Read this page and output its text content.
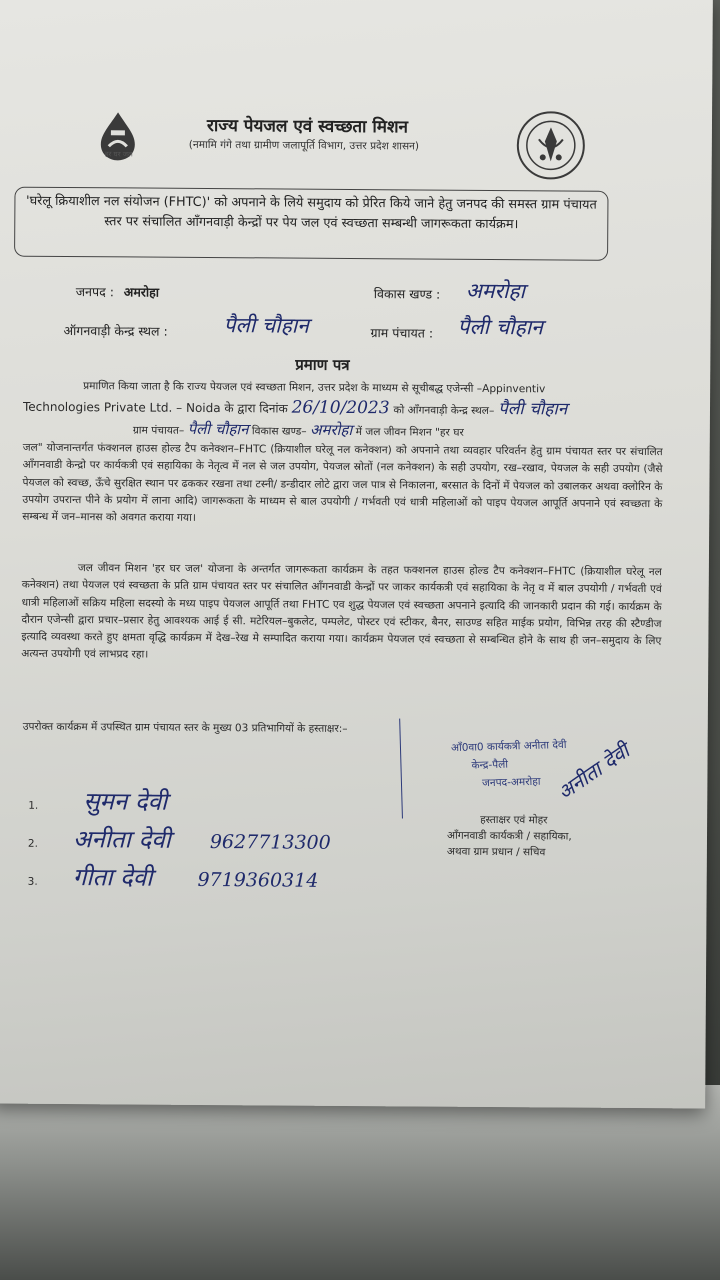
हर घर जल
राज्य पेयजल एवं स्वच्छता मिशन
(नमामि गंगे तथा ग्रामीण जलापूर्ति विभाग, उत्तर प्रदेश शासन)
'घरेलू क्रियाशील नल संयोजन (FHTC)' को अपनाने के लिये समुदाय को प्रेरित किये जाने हेतु जनपद की समस्त ग्राम पंचायत स्तर पर संचालित आँगनवाड़ी केन्द्रों पर पेय जल एवं स्वच्छता सम्बन्धी जागरूकता कार्यक्रम।
जनपद : अमरोहा	विकास खण्ड : अमरोहा
ऑगनवाड़ी केन्द्र स्थल :	पैली चौहान	ग्राम पंचायत : पैली चौहान
प्रमाण पत्र
प्रमाणित किया जाता है कि राज्य पेयजल एवं स्वच्छता मिशन, उत्तर प्रदेश के माध्यम से सूचीबद्ध एजेन्सी –Appinventiv
Technologies Private Ltd. – Noida के द्वारा दिनांक 26/10/2023 को आँगनवाड़ी केन्द्र स्थल– पैली चौहान
ग्राम पंचायत– पैली चौहान विकास खण्ड– अमरोहा में जल जीवन मिशन "हर घर
जल" योजनान्तर्गत फंक्शनल हाउस होल्ड टैप कनेक्शन–FHTC (क्रियाशील घरेलू नल कनेक्शन) को अपनाने तथा व्यवहार परिवर्तन हेतु ग्राम पंचायत स्तर पर संचालित आँगनवाडी केन्द्रो पर कार्यकत्री एवं सहायिका के नेतृत्व में नल से जल उपयोग, पेयजल स्रोतों (नल कनेक्शन) के सही उपयोग, रख–रखाव, पेयजल के सही उपयोग (जैसे पेयजल को स्वच्छ, ऊँचे सुरक्षित स्थान पर ढककर रखना तथा टस्नी/ डन्डीदार लोटे द्वारा जल पात्र से निकालना, बरसात के दिनों में पेयजल को उबालकर अथवा क्लोरिन के उपयोग उपरान्त पीने के प्रयोग में लाना आदि) जागरूकता के माध्यम से बाल उपयोगी / गर्भवती एवं धात्री महिलाओं को पाइप पेयजल आपूर्ति अपनाने एवं स्वच्छता के सम्बन्ध में जन–मानस को अवगत कराया गया।
जल जीवन मिशन 'हर घर जल' योजना के अन्तर्गत जागरूकता कार्यक्रम के तहत फक्शनल हाउस होल्ड टैप कनेक्शन–FHTC (क्रियाशील घरेलू नल कनेक्शन) तथा पेयजल एवं स्वच्छता के प्रति ग्राम पंचायत स्तर पर संचालित आँगनवाडी केन्द्रों पर जाकर कार्यकत्री एवं सहायिका के नेतृ व में बाल उपयोगी / गर्भवती एवं धात्री महिलाओं सक्रिय महिला सदस्यो के मध्य पाइप पेयजल आपूर्ति तथा FHTC एव शुद्ध पेयजल एवं स्वच्छता अपनाने इत्यादि की जानकारी प्रदान की गई। कार्यक्रम के दौरान एजेन्सी द्वारा प्रचार–प्रसार हेतु आवश्यक आई ई सी. मटेरियल–बुकलेट, पम्पलेट, पोस्टर एवं स्टीकर, बैनर, साउण्ड सहित माईक प्रयोग, विभिन्न तरह की स्टैण्डीज इत्यादि व्यवस्था करते हुए क्षमता वृद्धि कार्यक्रम में देख–रेख मे सम्पादित कराया गया। कार्यक्रम पेयजल एवं स्वच्छता से सम्बन्धित होने के साथ ही जन–समुदाय के लिए अत्यन्त उपयोगी एवं लाभप्रद रहा।
उपरोक्त कार्यक्रम में उपस्थित ग्राम पंचायत स्तर के मुख्य 03 प्रतिभागियों के हस्ताक्षर:–
1. सुमन देवी
2. अनीता देवी 9627713300
3. गीता देवी 9719360314
आँ0वा0 कार्यकत्री अनीता देवी
केन्द्र-पैली
जनपद-अमरोहा अनीता देवी
हस्ताक्षर एवं मोहर
आँगनवाडी कार्यकत्री / सहायिका,
अथवा ग्राम प्रधान / सचिव
